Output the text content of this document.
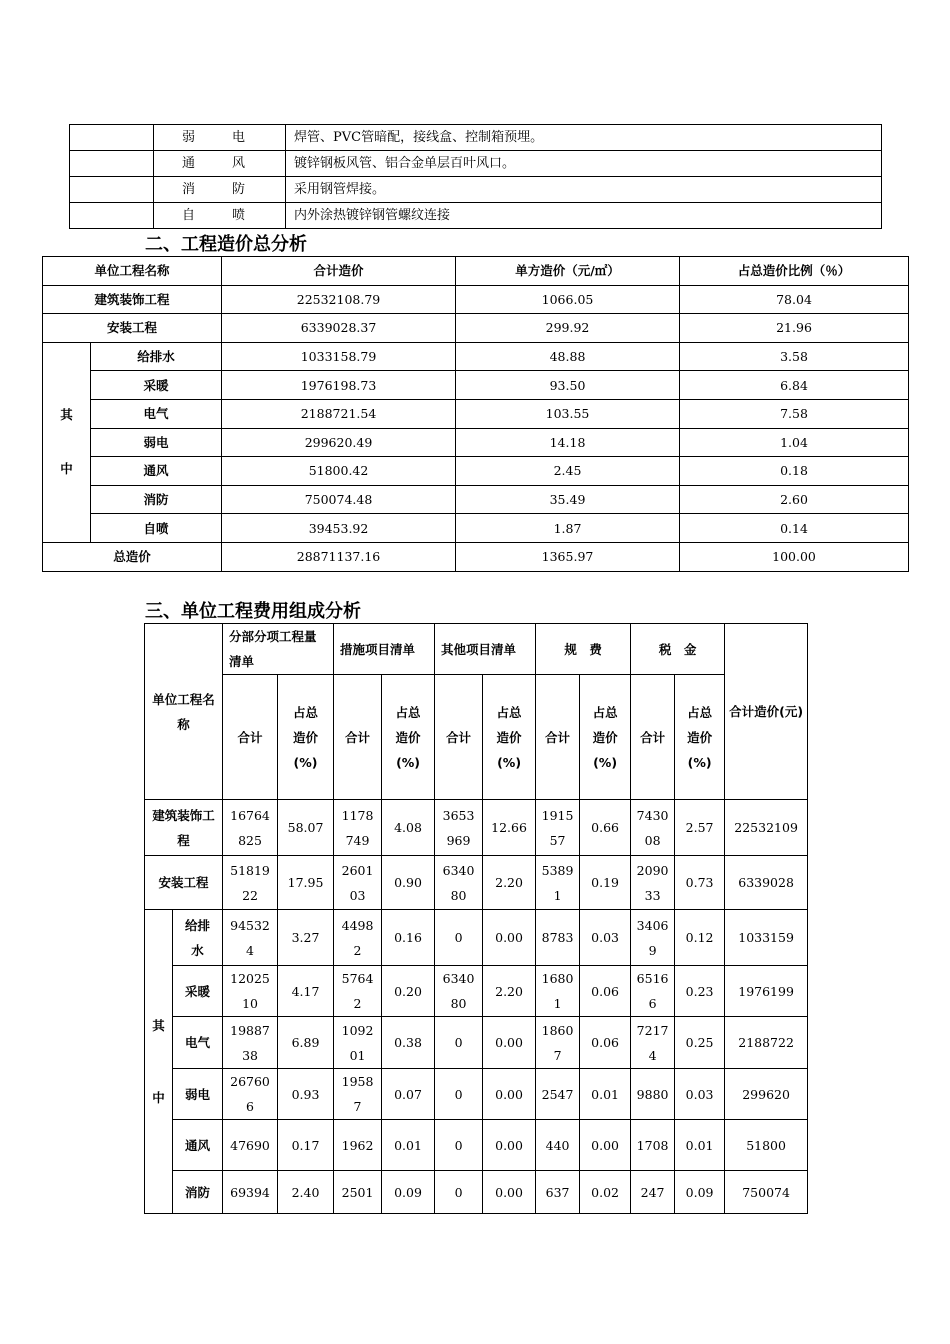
	弱　电	焊管、PVC管暗配，接线盒、控制箱预埋。
	通　风	镀锌钢板风管、铝合金单层百叶风口。
	消　防	采用钢管焊接。
	自　喷	内外涂热镀锌钢管螺纹连接
二、工程造价总分析
单位工程名称		合计造价	单方造价（元/㎡）	占总造价比例（％）
建筑装饰工程		22532108.79	1066.05	78.04
安装工程		6339028.37	299.92	21.96

其
中	给排水	1033158.79	48.88	3.58
	采暖	1976198.73	93.50	6.84
	电气	2188721.54	103.55	7.58
	弱电	299620.49	14.18	1.04
	通风	51800.42	2.45	0.18
	消防	750074.48	35.49	2.60
	自喷	39453.92	1.87	0.14
总造价		28871137.16	1365.97	100.00
三、单位工程费用组成分析
单位工程名称		分部分项工程量清单		措施项目清单		其他项目清单		规　费		税　金		合计造价(元)
		合计	占总造价(%)	合计	占总造价(%)	合计	占总造价(%)	合计	占总造价(%)	合计	占总造价(%)	
建筑装饰工程		16764825	58.07	1178749	4.08	3653969	12.66	191557	0.66	743008	2.57	22532109
安装工程		5181922	17.95	260103	0.90	634080	2.20	53891	0.19	209033	0.73	6339028

其
中	给排水	945324	3.27	44982	0.16	0	0.00	8783	0.03	34069	0.12	1033159
	采暖	1202510	4.17	57642	0.20	634080	2.20	16801	0.06	65166	0.23	1976199
	电气	1988738	6.89	109201	0.38	0	0.00	18607	0.06	72174	0.25	2188722
	弱电	267606	0.93	19587	0.07	0	0.00	2547	0.01	9880	0.03	299620
	通风	47690	0.17	1962	0.01	0	0.00	440	0.00	1708	0.01	51800
	消防	69394	2.40	2501	0.09	0	0.00	637	0.02	247	0.09	750074
